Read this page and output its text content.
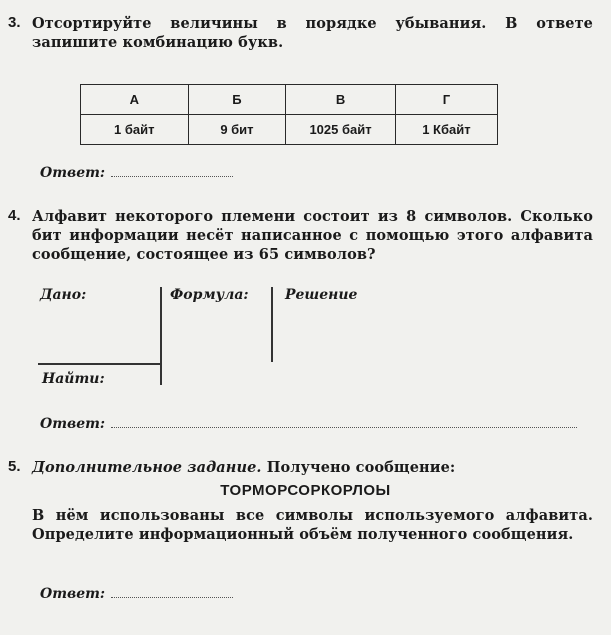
3. Отсортируйте величины в порядке убывания. В ответе запишите комбинацию букв.
А	Б	В	Г
1 байт	9 бит	1025 байт	1 Кбайт
Ответ:
4. Алфавит некоторого племени состоит из 8 символов. Сколько бит информации несёт написанное с помощью этого алфавита сообщение, состоящее из 65 символов?
Дано:	Формула:	Решение
Найти:
Ответ:
5. Дополнительное задание. Получено сообщение:
ТОРМОРСОРКОРЛОЫ
В нём использованы все символы используемого алфавита. Определите информационный объём полученного сообщения.
Ответ:
